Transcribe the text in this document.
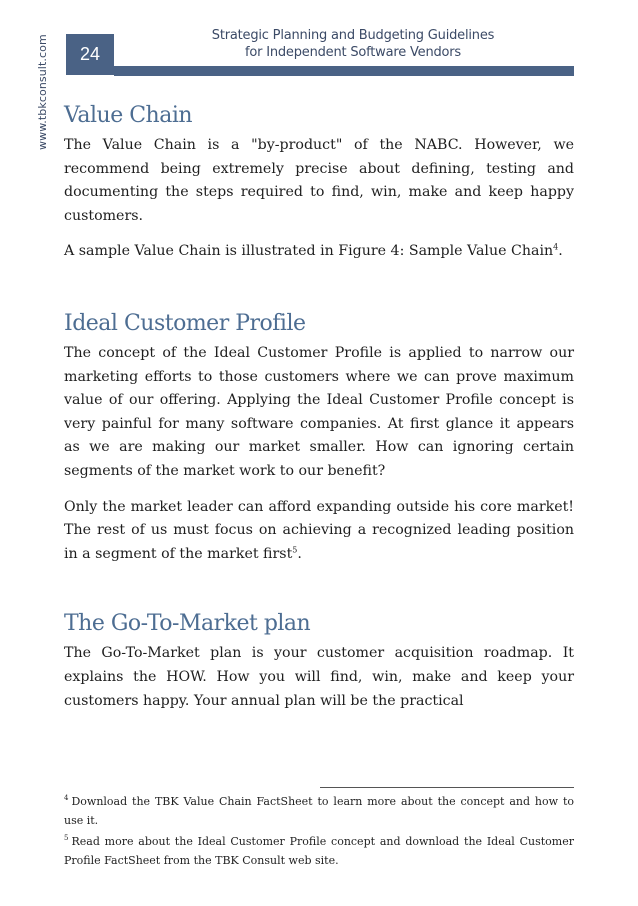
www.tbkconsult.com	24
Strategic Planning and Budgeting Guidelines
for Independent Software Vendors
Value Chain

The Value Chain is a "by-product" of the NABC. However, we recommend being extremely precise about defining, testing and documenting the steps required to find, win, make and keep happy customers.

A sample Value Chain is illustrated in Figure 4: Sample Value Chain$^4$.

Ideal Customer Profile

The concept of the Ideal Customer Profile is applied to narrow our marketing efforts to those customers where we can prove maximum value of our offering. Applying the Ideal Customer Profile concept is very painful for many software companies. At first glance it appears as we are making our market smaller. How can ignoring certain segments of the market work to our benefit?

Only the market leader can afford expanding outside his core market! The rest of us must focus on achieving a recognized leading position in a segment of the market first$^5$.

The Go-To-Market plan

The Go-To-Market plan is your customer acquisition roadmap. It explains the HOW. How you will find, win, make and keep your customers happy. Your annual plan will be the practical

$^4$ Download the TBK Value Chain FactSheet to learn more about the concept and how to use it.

$^5$ Read more about the Ideal Customer Profile concept and download the Ideal Customer Profile FactSheet from the TBK Consult web site.
